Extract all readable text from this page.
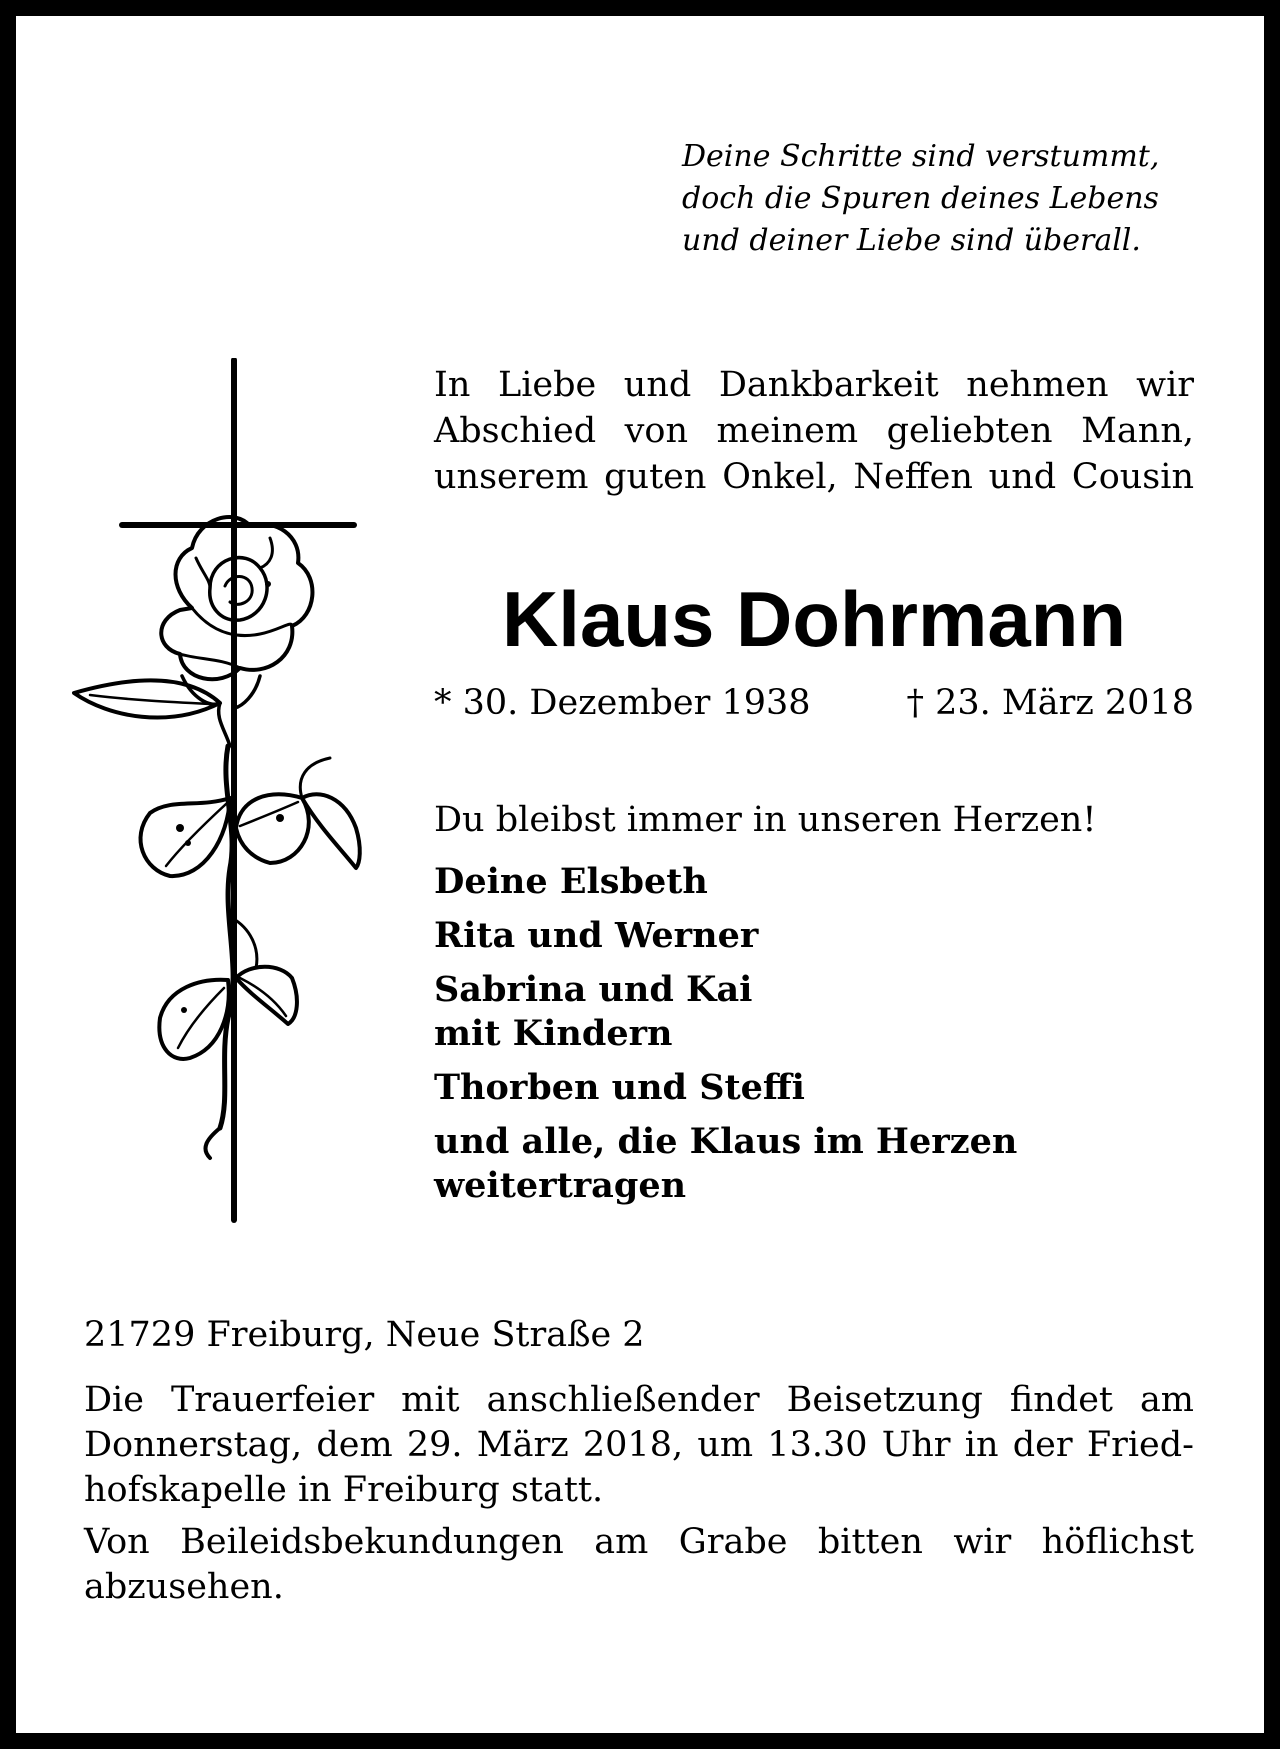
Deine Schritte sind verstummt,
doch die Spuren deines Lebens
und deiner Liebe sind überall.
In Liebe und Dankbarkeit nehmen wir
Abschied von meinem geliebten Mann,
unserem guten Onkel, Neffen und Cousin
Klaus Dohrmann
* 30. Dezember 1938	† 23. März 2018
Du bleibst immer in unseren Herzen!
Deine Elsbeth
Rita und Werner
Sabrina und Kai
mit Kindern
Thorben und Steffi
und alle, die Klaus im Herzen
weitertragen
21729 Freiburg, Neue Straße 2
Die Trauerfeier mit anschließender Beisetzung findet am
Donnerstag, dem 29. März 2018, um 13.30 Uhr in der Fried-
hofskapelle in Freiburg statt.
Von Beileidsbekundungen am Grabe bitten wir höflichst
abzusehen.
